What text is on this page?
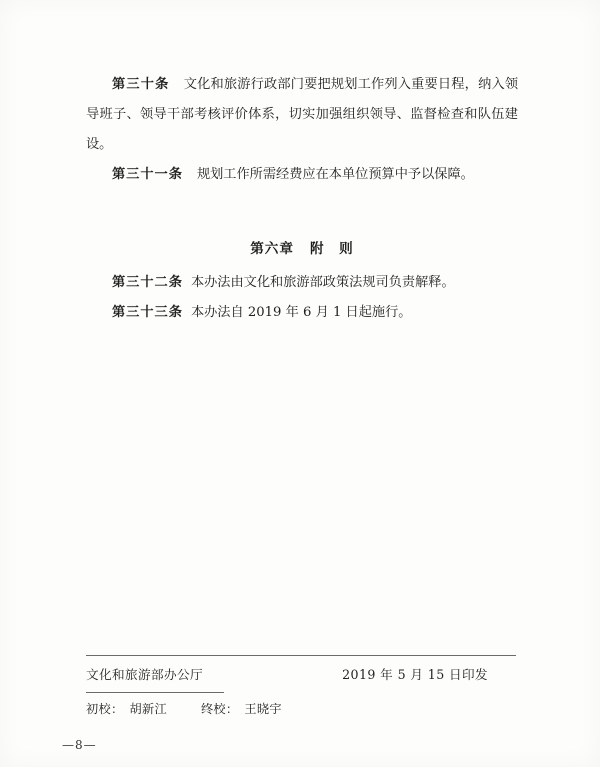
第三十条 文化和旅游行政部门要把规划工作列入重要日程，纳入领导班子、领导干部考核评价体系，切实加强组织领导、监督检查和队伍建设。

第三十一条 规划工作所需经费应在本单位预算中予以保障。

第六章 附　则
第三十二条 本办法由文化和旅游部政策法规司负责解释。
第三十三条 本办法自 2019 年 6 月 1 日起施行。
文化和旅游部办公厅	2019 年 5 月 15 日印发
初校： 胡新江	终校： 王晓宇
—8—
